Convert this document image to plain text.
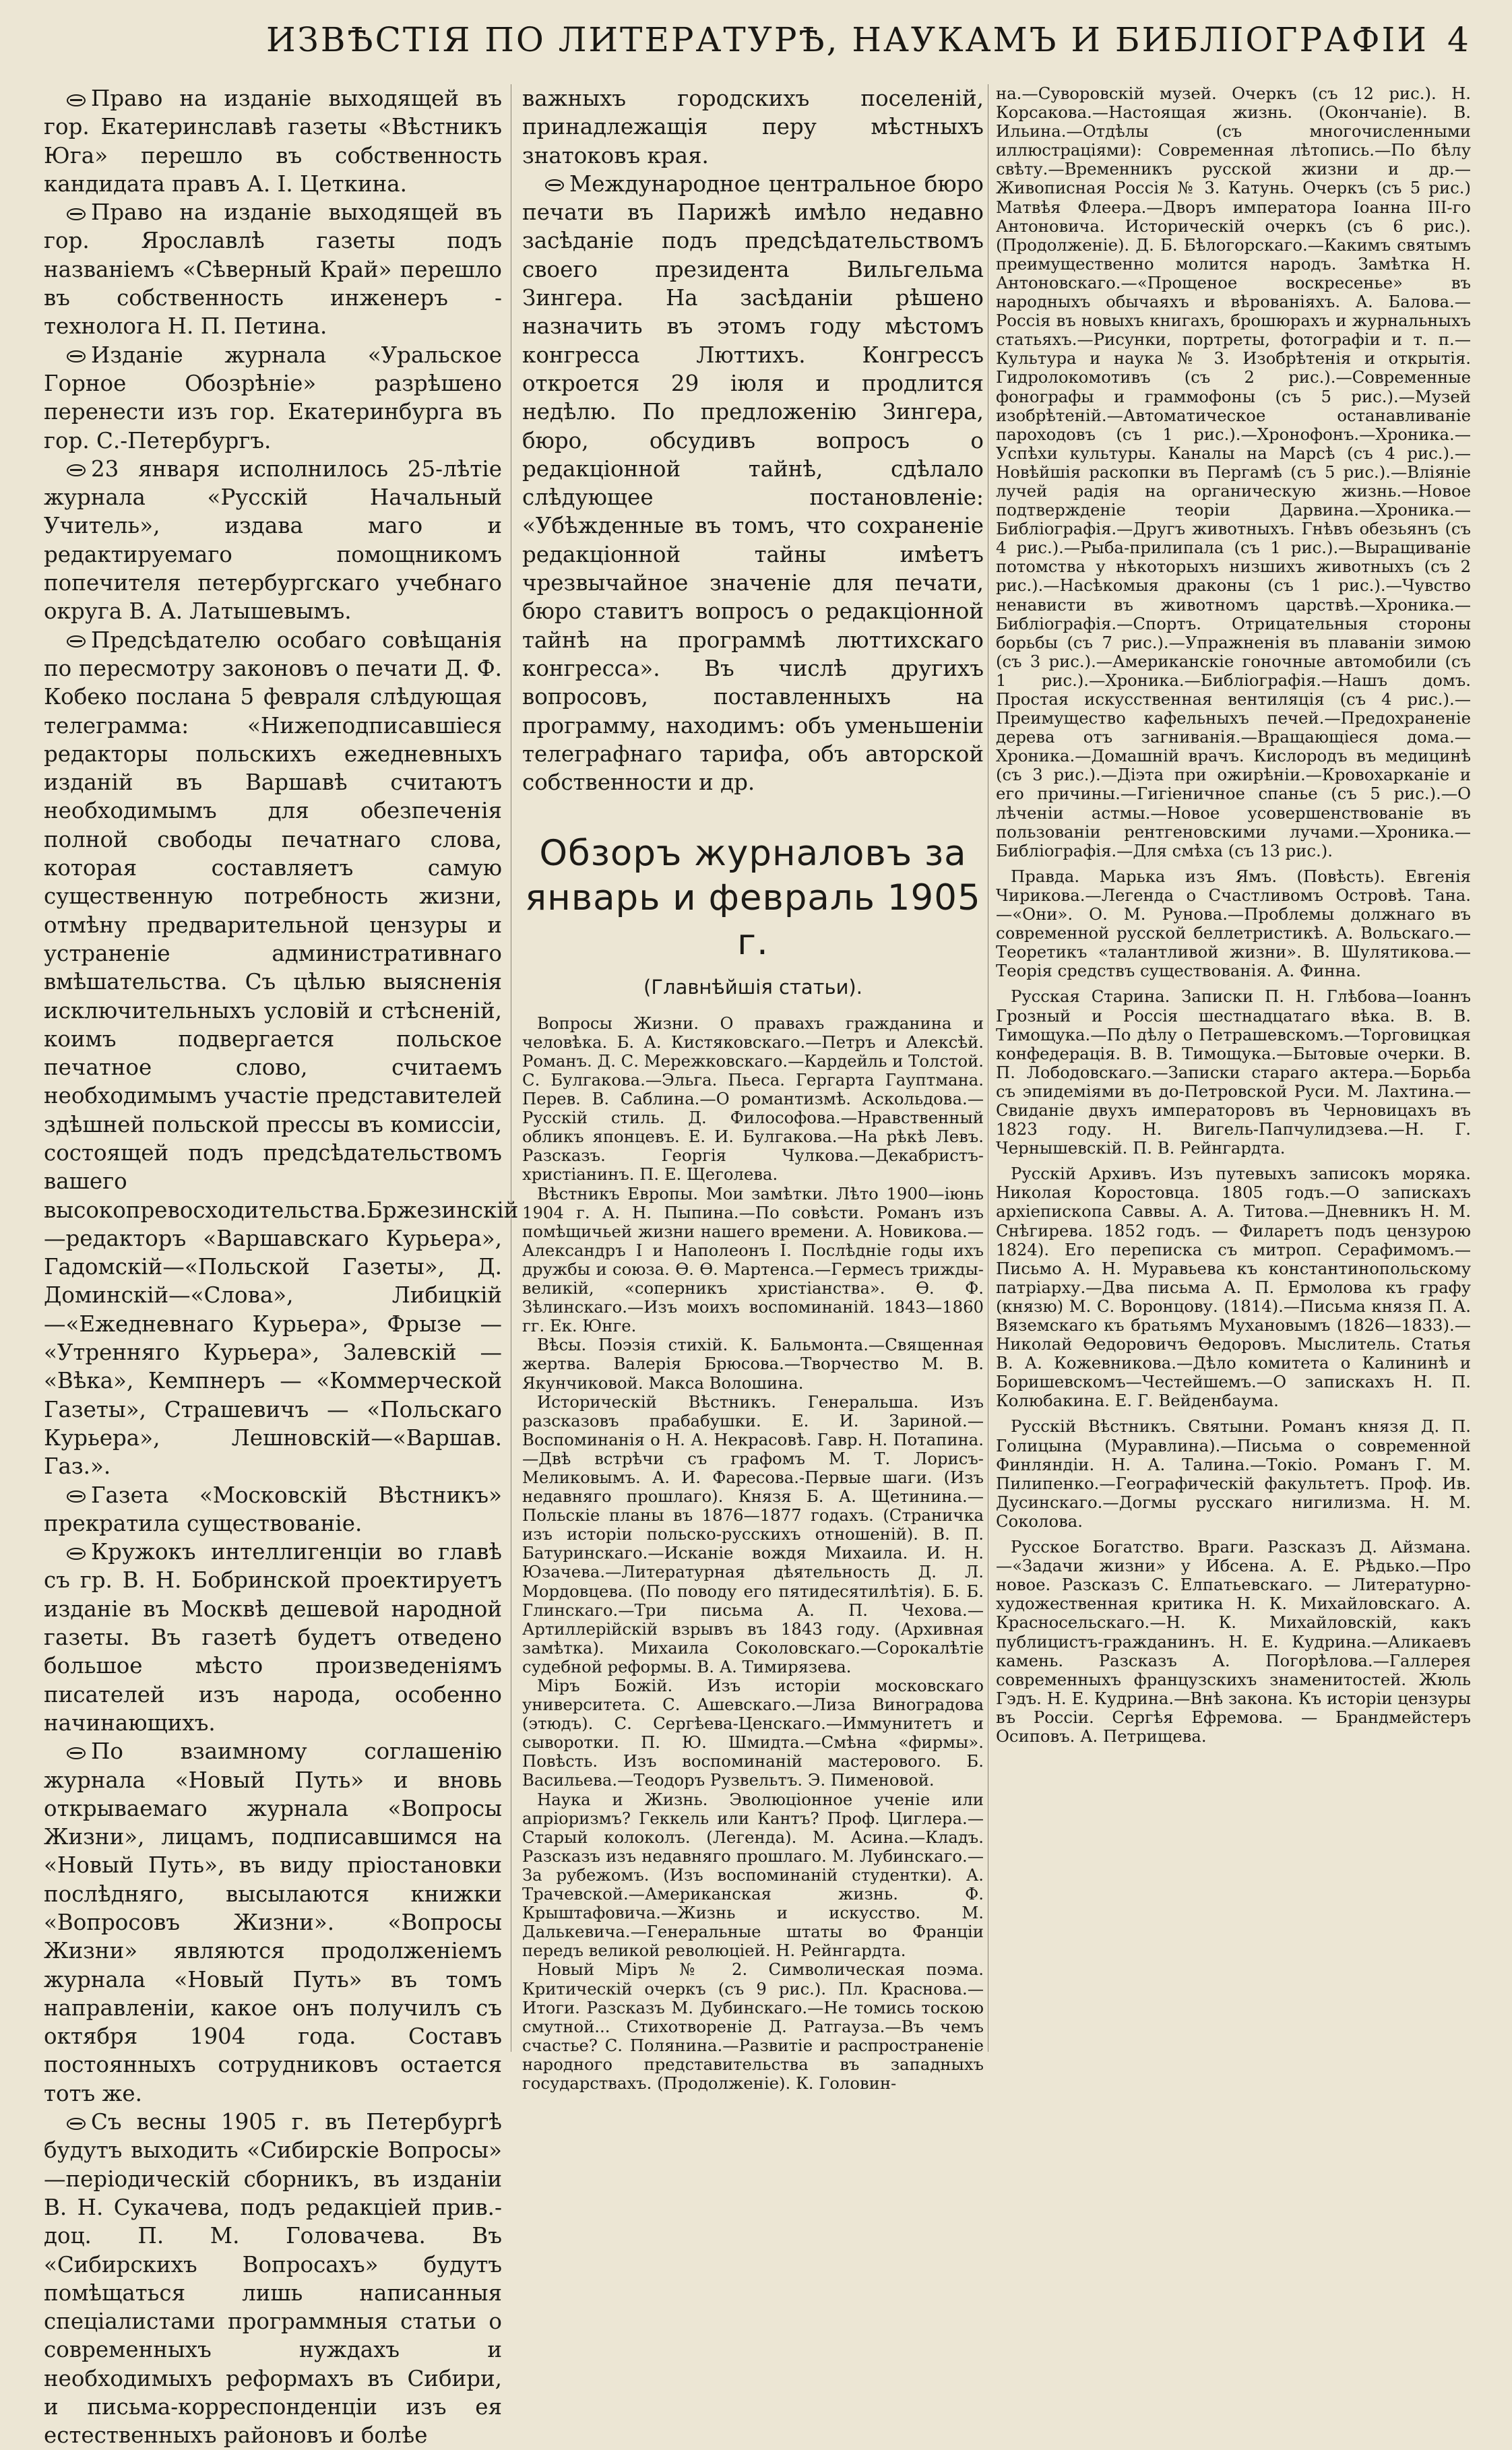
ИЗВѢСТІЯ ПО ЛИТЕРАТУРѢ, НАУКАМЪ И БИБЛІОГРАФІИ 4

Право на изданіе выходящей въ гор. Екатеринславѣ газеты «Вѣстникъ Юга» перешло въ собственность кандидата правъ А. І. Цеткина.

Право на изданіе выходящей въ гор. Ярославлѣ газеты подъ названіемъ «Сѣверный Край» перешло въ собственность инженеръ - технолога Н. П. Петина.

Изданіе журнала «Уральское Горное Обозрѣніе» разрѣшено перенести изъ гор. Екатеринбурга въ гор. С.-Петербургъ.

23 января исполнилось 25-лѣтіе журнала «Русскій Начальный Учитель», издава маго и редактируемаго помощникомъ попечителя петербургскаго учебнаго округа В. А. Латышевымъ.

Предсѣдателю особаго совѣщанія по пересмотру законовъ о печати Д. Ф. Кобеко послана 5 февраля слѣдующая телеграмма: «Нижеподписавшіеся редакторы польскихъ ежедневныхъ изданій въ Варшавѣ считаютъ необходимымъ для обезпеченія полной свободы печатнаго слова, которая составляетъ самую существенную потребность жизни, отмѣну предварительной цензуры и устраненіе административнаго вмѣшательства. Съ цѣлью выясненія исключительныхъ условій и стѣсненій, коимъ подвергается польское печатное слово, считаемъ необходимымъ участіе представителей здѣшней польской прессы въ комиссіи, состоящей подъ предсѣдательствомъ вашего высокопревосходительства.Бржезинскій —редакторъ «Варшавскаго Курьера», Гадомскій—«Польской Газеты», Д. Доминскій—«Слова», Либицкій—«Ежедневнаго Курьера», Фрызе — «Утренняго Курьера», Залевскій — «Вѣка», Кемпнеръ — «Коммерческой Газеты», Страшевичъ — «Польскаго Курьера», Лешновскій—«Варшав. Газ.».

Газета «Московскій Вѣстникъ» прекратила существованіе.

Кружокъ интеллигенціи во главѣ съ гр. В. Н. Бобринской проектируетъ изданіе въ Москвѣ дешевой народной газеты. Въ газетѣ будетъ отведено большое мѣсто произведеніямъ писателей изъ народа, особенно начинающихъ.

По взаимному соглашенію журнала «Новый Путь» и вновь открываемаго журнала «Вопросы Жизни», лицамъ, подписавшимся на «Новый Путь», въ виду пріостановки послѣдняго, высылаются книжки «Вопросовъ Жизни». «Вопросы Жизни» являются продолженіемъ журнала «Новый Путь» въ томъ направленіи, какое онъ получилъ съ октября 1904 года. Составъ постоянныхъ сотрудниковъ остается тотъ же.

Съ весны 1905 г. въ Петербургѣ будутъ выходить «Сибирскіе Вопросы» —періодическій сборникъ, въ изданіи В. Н. Сукачева, подъ редакціей прив.-доц. П. М. Головачева. Въ «Сибирскихъ Вопросахъ» будутъ помѣщаться лишь написанныя спеціалистами программныя статьи о современныхъ нуждахъ и необходимыхъ реформахъ въ Сибири, и письма-корреспонденціи изъ ея естественныхъ районовъ и болѣе

важныхъ городскихъ поселеній, принадлежащія перу мѣстныхъ знатоковъ края.

Международное центральное бюро печати въ Парижѣ имѣло недавно засѣданіе подъ предсѣдательствомъ своего президента Вильгельма Зингера. На засѣданіи рѣшено назначить въ этомъ году мѣстомъ конгресса Люттихъ. Конгрессъ откроется 29 іюля и продлится недѣлю. По предложенію Зингера, бюро, обсудивъ вопросъ о редакціонной тайнѣ, сдѣлало слѣдующее постановленіе: «Убѣжденные въ томъ, что сохраненіе редакціонной тайны имѣетъ чрезвычайное значеніе для печати, бюро ставитъ вопросъ о редакціонной тайнѣ на программѣ люттихскаго конгресса». Въ числѣ другихъ вопросовъ, поставленныхъ на программу, находимъ: объ уменьшеніи телеграфнаго тарифа, объ авторской собственности и др.

Обзоръ журналовъ за январь и февраль 1905 г.
(Главнѣйшія статьи).

Вопросы Жизни. О правахъ гражданина и человѣка. Б. А. Кистяковскаго.—Петръ и Алексѣй. Романъ. Д. С. Мережковскаго.—Кардейль и Толстой. С. Булгакова.—Эльга. Пьеса. Гергарта Гауптмана. Перев. В. Саблина.—О романтизмѣ. Аскольдова.—Русскій стиль. Д. Философова.—Нравственный обликъ японцевъ. Е. И. Булгакова.—На рѣкѣ Левъ. Разсказъ. Георгія Чулкова.—Декабристъ-христіанинъ. П. Е. Щеголева.

Вѣстникъ Европы. Мои замѣтки. Лѣто 1900—іюнь 1904 г. А. Н. Пыпина.—По совѣсти. Романъ изъ помѣщичьей жизни нашего времени. А. Новикова.—Александръ I и Наполеонъ I. Послѣдніе годы ихъ дружбы и союза. Ѳ. Ѳ. Мартенса.—Гермесъ трижды-великій, «соперникъ христіанства». Ѳ. Ф. Зѣлинскаго.—Изъ моихъ воспоминаній. 1843—1860 гг. Ек. Юнге.

Вѣсы. Поэзія стихій. К. Бальмонта.—Священная жертва. Валерія Брюсова.—Творчество М. В. Якунчиковой. Макса Волошина.

Историческій Вѣстникъ. Генеральша. Изъ разсказовъ прабабушки. Е. И. Зариной.—Воспоминанія о Н. А. Некрасовѣ. Гавр. Н. Потапина.—Двѣ встрѣчи съ графомъ М. Т. Лорисъ-Меликовымъ. А. И. Фаресова.-Первые шаги. (Изъ недавняго прошлаго). Князя Б. А. Щетинина.—Польскіе планы въ 1876—1877 годахъ. (Страничка изъ исторіи польско-русскихъ отношеній). В. П. Батуринскаго.—Исканіе вождя Михаила. И. Н. Юзачева.—Литературная дѣятельность Д. Л. Мордовцева. (По поводу его пятидесятилѣтія). Б. Б. Глинскаго.—Три письма А. П. Чехова.—Артиллерійскій взрывъ въ 1843 году. (Архивная замѣтка). Михаила Соколовскаго.—Сорокалѣтіе судебной реформы. В. А. Тимирязева.

Міръ Божій. Изъ исторіи московскаго университета. С. Ашевскаго.—Лиза Виноградова (этюдъ). С. Сергѣева-Ценскаго.—Иммунитетъ и сыворотки. П. Ю. Шмидта.—Смѣна «фирмы». Повѣсть. Изъ воспоминаній мастерового. Б. Васильева.—Теодоръ Рузвельтъ. Э. Пименовой.

Наука и Жизнь. Эволюціонное ученіе или апріоризмъ? Геккель или Кантъ? Проф. Циглера.—Старый колоколъ. (Легенда). М. Асина.—Кладъ. Разсказъ изъ недавняго прошлаго. М. Лубинскаго.—За рубежомъ. (Изъ воспоминаній студентки). А. Трачевской.—Американская жизнь. Ф. Крыштафовича.—Жизнь и искусство. М. Далькевича.—Генеральные штаты во Франціи передъ великой революціей. Н. Рейнгардта.

Новый Міръ № 2. Символическая поэма. Критическій очеркъ (съ 9 рис.). Пл. Краснова.—Итоги. Разсказъ М. Дубинскаго.—Не томись тоскою смутной... Стихотвореніе Д. Ратгауза.—Въ чемъ счастье? С. Полянина.—Развитіе и распространеніе народного представительства въ западныхъ государствахъ. (Продолженіе). К. Головин-

на.—Суворовскій музей. Очеркъ (съ 12 рис.). Н. Корсакова.—Настоящая жизнь. (Окончаніе). В. Ильина.—Отдѣлы (съ многочисленными иллюстраціями): Современная лѣтопись.—По бѣлу свѣту.—Временникъ русской жизни и др.—Живописная Россія № 3. Катунь. Очеркъ (съ 5 рис.) Матвѣя Флеера.—Дворъ императора Іоанна III-го Антоновича. Историческій очеркъ (съ 6 рис.). (Продолженіе). Д. Б. Бѣлогорскаго.—Какимъ святымъ преимущественно молится народъ. Замѣтка Н. Антоновскаго.—«Прощеное воскресенье» въ народныхъ обычаяхъ и вѣрованіяхъ. А. Балова.—Россія въ новыхъ книгахъ, брошюрахъ и журнальныхъ статьяхъ.—Рисунки, портреты, фотографіи и т. п.—Культура и наука № 3. Изобрѣтенія и открытія. Гидролокомотивъ (съ 2 рис.).—Современные фонографы и граммофоны (съ 5 рис.).—Музей изобрѣтеній.—Автоматическое останавливаніе пароходовъ (съ 1 рис.).—Хронофонъ.—Хроника.—Успѣхи культуры. Каналы на Марсѣ (съ 4 рис.).—Новѣйшія раскопки въ Пергамѣ (съ 5 рис.).—Вліяніе лучей радія на органическую жизнь.—Новое подтвержденіе теоріи Дарвина.—Хроника.—Библіографія.—Другъ животныхъ. Гнѣвъ обезьянъ (съ 4 рис.).—Рыба-прилипала (съ 1 рис.).—Выращиваніе потомства у нѣкоторыхъ низшихъ животныхъ (съ 2 рис.).—Насѣкомыя драконы (съ 1 рис.).—Чувство ненависти въ животномъ царствѣ.—Хроника.—Библіографія.—Спортъ. Отрицательныя стороны борьбы (съ 7 рис.).—Упражненія въ плаваніи зимою (съ 3 рис.).—Американскіе гоночные автомобили (съ 1 рис.).—Хроника.—Библіографія.—Нашъ домъ. Простая искусственная вентиляція (съ 4 рис.).—Преимущество кафельныхъ печей.—Предохраненіе дерева отъ загниванія.—Вращающіеся дома.—Хроника.—Домашній врачъ. Кислородъ въ медицинѣ (съ 3 рис.).—Діэта при ожирѣніи.—Кровохарканіе и его причины.—Гигіеничное спанье (съ 5 рис.).—О лѣченіи астмы.—Новое усовершенствованіе въ пользованіи рентгеновскими лучами.—Хроника.—Библіографія.—Для смѣха (съ 13 рис.).

Правда. Марька изъ Ямъ. (Повѣсть). Евгенія Чирикова.—Легенда о Счастливомъ Островѣ. Тана.—«Они». О. М. Рунова.—Проблемы должнаго въ современной русской беллетристикѣ. А. Вольскаго.—Теоретикъ «талантливой жизни». В. Шулятикова.—Теорія средствъ существованія. А. Финна.

Русская Старина. Записки П. Н. Глѣбова—Іоаннъ Грозный и Россія шестнадцатаго вѣка. В. В. Тимощука.—По дѣлу о Петрашевскомъ.—Торговицкая конфедерація. В. В. Тимощука.—Бытовые очерки. В. П. Лободовскаго.—Записки стараго актера.—Борьба съ эпидеміями въ до-Петровской Руси. М. Лахтина.—Свиданіе двухъ императоровъ въ Черновицахъ въ 1823 году. Н. Вигель-Папчулидзева.—Н. Г. Чернышевскій. П. В. Рейнгардта.

Русскій Архивъ. Изъ путевыхъ записокъ моряка. Николая Коростовца. 1805 годъ.—О запискахъ архіепископа Саввы. А. А. Титова.—Дневникъ Н. М. Снѣгирева. 1852 годъ. — Филаретъ подъ цензурою 1824). Его переписка съ митроп. Серафимомъ.—Письмо А. Н. Муравьева къ константинопольскому патріарху.—Два письма А. П. Ермолова къ графу (князю) М. С. Воронцову. (1814).—Письма князя П. А. Вяземскаго къ братьямъ Мухановымъ (1826—1833).—Николай Ѳедоровичъ Ѳедоровъ. Мыслитель. Статья В. А. Кожевникова.—Дѣло комитета о Калининѣ и Боришевскомъ—Честейшемъ.—О запискахъ Н. П. Колюбакина. Е. Г. Вейденбаума.

Русскій Вѣстникъ. Святыни. Романъ князя Д. П. Голицына (Муравлина).—Письма о современной Финляндіи. Н. А. Талина.—Токіо. Романъ Г. М. Пилипенко.—Географическій факультетъ. Проф. Ив. Дусинскаго.—Догмы русскаго нигилизма. Н. М. Соколова.

Русское Богатство. Враги. Разсказъ Д. Айзмана.—«Задачи жизни» у Ибсена. А. Е. Рѣдько.—Про новое. Разсказъ С. Елпатьевскаго. — Литературно-художественная критика Н. К. Михайловскаго. А. Красносельскаго.—Н. К. Михайловскій, какъ публицистъ-гражданинъ. Н. Е. Кудрина.—Аликаевъ камень. Разсказъ А. Погорѣлова.—Галлерея современныхъ французскихъ знаменитостей. Жюль Гэдъ. Н. Е. Кудрина.—Внѣ закона. Къ исторіи цензуры въ Россіи. Сергѣя Ефремова. — Брандмейстеръ Осиповъ. А. Петрищева.
